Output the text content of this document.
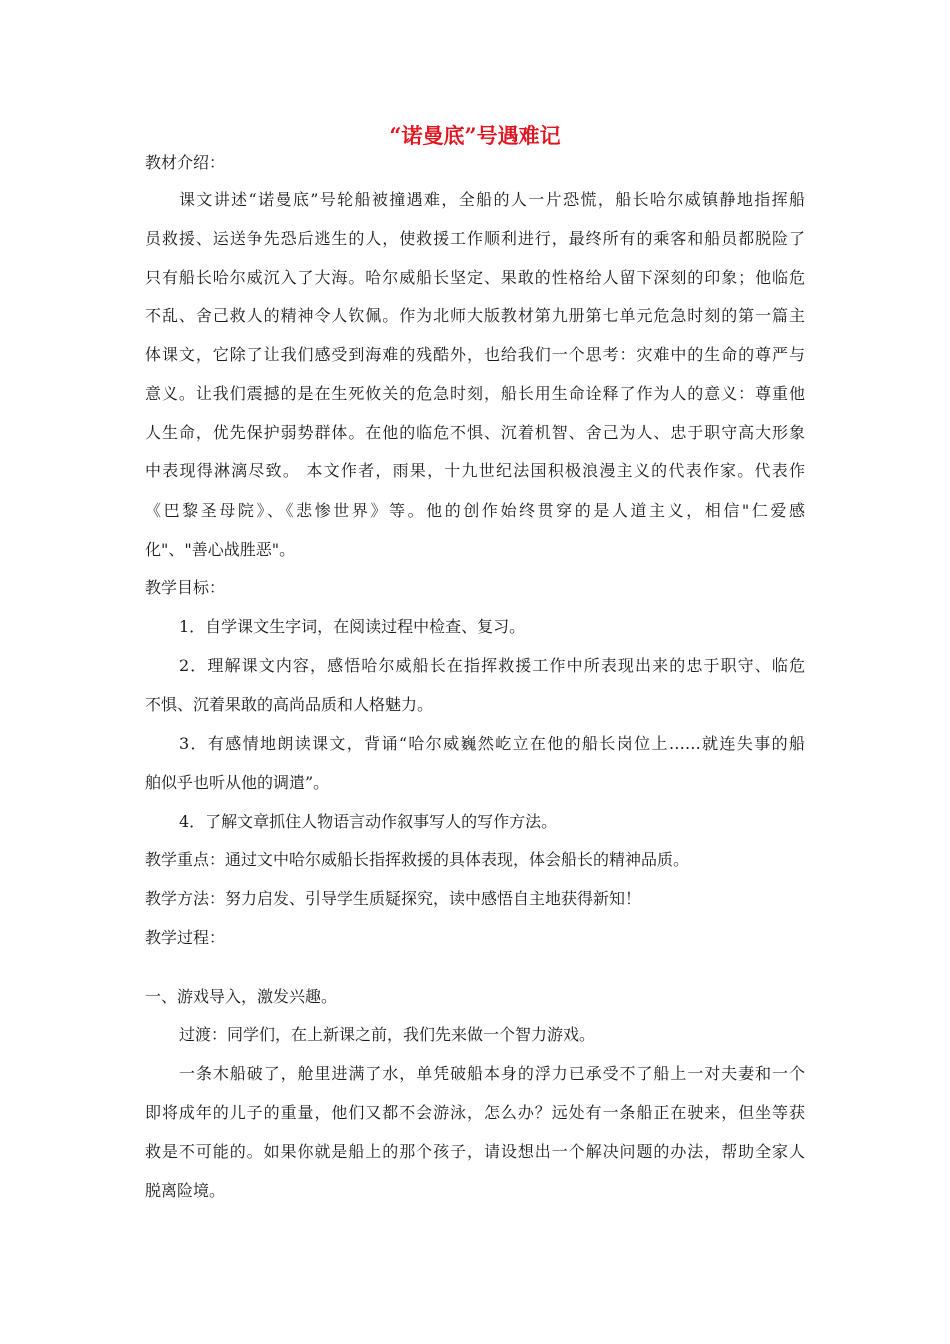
“诺曼底”号遇难记
教材介绍：
课文讲述“诺曼底”号轮船被撞遇难，全船的人一片恐慌，船长哈尔威镇静地指挥船
员救援、运送争先恐后逃生的人，使救援工作顺利进行，最终所有的乘客和船员都脱险了
只有船长哈尔威沉入了大海。哈尔威船长坚定、果敢的性格给人留下深刻的印象；他临危
不乱、舍己救人的精神令人钦佩。作为北师大版教材第九册第七单元危急时刻的第一篇主
体课文，它除了让我们感受到海难的残酷外，也给我们一个思考：灾难中的生命的尊严与
意义。让我们震撼的是在生死攸关的危急时刻，船长用生命诠释了作为人的意义：尊重他
人生命，优先保护弱势群体。在他的临危不惧、沉着机智、舍己为人、忠于职守高大形象
中表现得淋漓尽致。 本文作者，雨果，十九世纪法国积极浪漫主义的代表作家。代表作
《巴黎圣母院》、《悲惨世界》等。他的创作始终贯穿的是人道主义，相信"仁爱感
化"、"善心战胜恶"。
教学目标：
1．自学课文生字词，在阅读过程中检查、复习。
2．理解课文内容，感悟哈尔威船长在指挥救援工作中所表现出来的忠于职守、临危
不惧、沉着果敢的高尚品质和人格魅力。
3．有感情地朗读课文，背诵“哈尔威巍然屹立在他的船长岗位上……就连失事的船
舶似乎也听从他的调遣”。
4．了解文章抓住人物语言动作叙事写人的写作方法。
教学重点：通过文中哈尔威船长指挥救援的具体表现，体会船长的精神品质。
教学方法：努力启发、引导学生质疑探究，读中感悟自主地获得新知！
教学过程：
一、游戏导入，激发兴趣。
过渡：同学们，在上新课之前，我们先来做一个智力游戏。
一条木船破了，舱里进满了水，单凭破船本身的浮力已承受不了船上一对夫妻和一个
即将成年的儿子的重量，他们又都不会游泳，怎么办？远处有一条船正在驶来，但坐等获
救是不可能的。如果你就是船上的那个孩子，请设想出一个解决问题的办法，帮助全家人
脱离险境。
